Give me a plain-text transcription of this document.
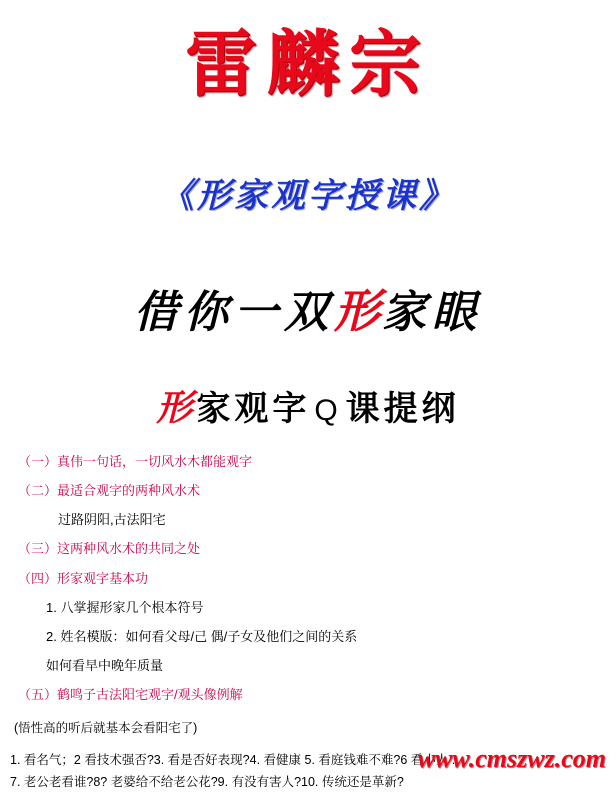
雷麟宗
《形家观字授课》
借你一双形家眼
形家观字 Q 课提纲
（一）真伟一句话，一切风水木都能观字
（二）最适合观字的两种风水术
过路阴阳,古法阳宅
（三）这两种风水术的共同之处
（四）形家观字基本功
1. 八掌握形家几个根本符号
2. 姓名模版：如何看父母/己 偶/子女及他们之间的关系
如何看早中晚年质量
（五）鹤鸣子古法阳宅观字/观头像例解
(悟性高的听后就基本会看阳宅了)
1. 看名气；2 看技术强否?3. 看是否好表现?4. 看健康 5. 看庭钱难不难?6 看小人 .
7. 老公老看谁?8? 老婆给不给老公花?9. 有没有害人?10. 传统还是革新?
www.cmszwz.com
